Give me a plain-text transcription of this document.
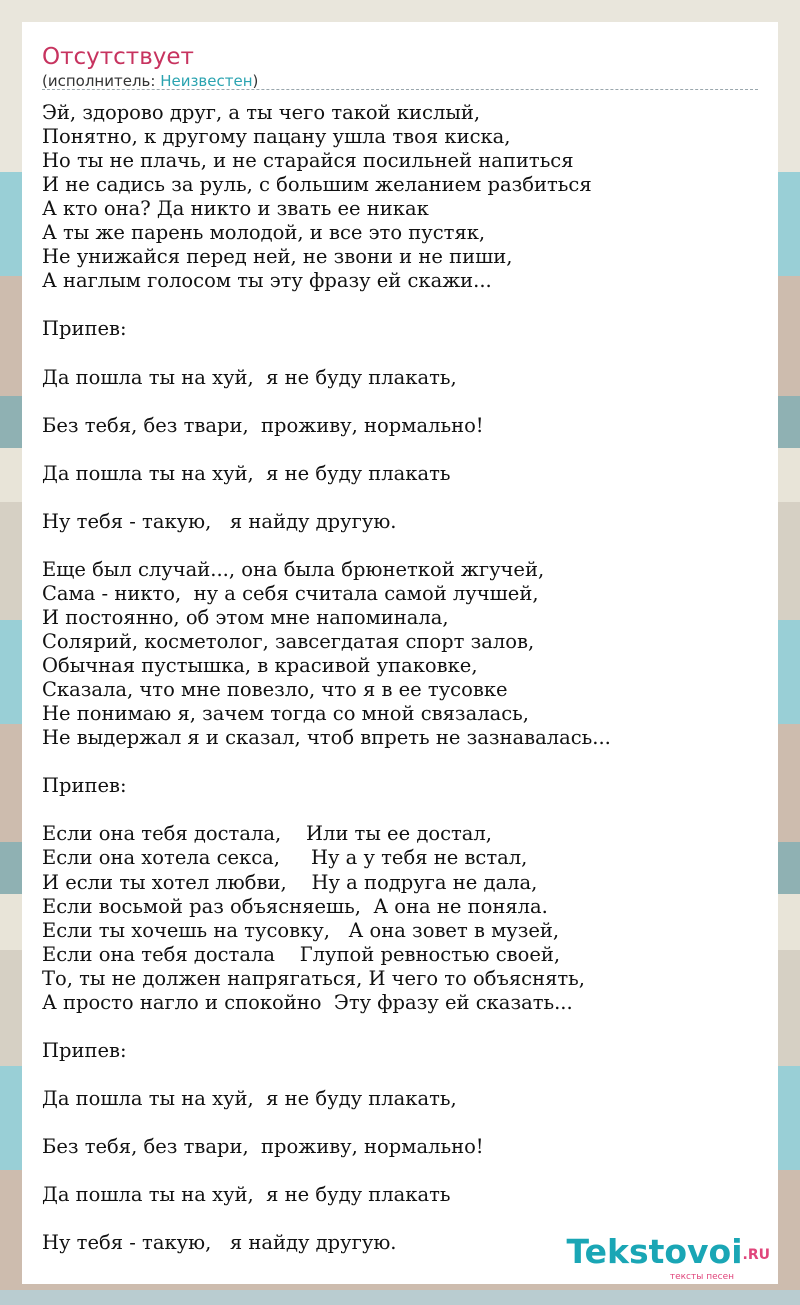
Отсутствует
(исполнитель: Неизвестен)
Эй, здорово друг, а ты чего такой кислый,
Понятно, к другому пацану ушла твоя киска,
Но ты не плачь, и не старайся посильней напиться
И не садись за руль, с большим желанием разбиться
А кто она? Да никто и звать ее никак
А ты же парень молодой, и все это пустяк,
Не унижайся перед ней, не звони и не пиши,
А наглым голосом ты эту фразу ей скажи...
Припев:
Да пошла ты на хуй,  я не буду плакать,
Без тебя, без твари,  проживу, нормально!
Да пошла ты на хуй,  я не буду плакать
Ну тебя - такую,   я найду другую.
Еще был случай..., она была брюнеткой жгучей,
Сама - никто,  ну а себя считала самой лучшей,
И постоянно, об этом мне напоминала,
Солярий, косметолог, завсегдатая спорт залов,
Обычная пустышка, в красивой упаковке,
Сказала, что мне повезло, что я в ее тусовке
Не понимаю я, зачем тогда со мной связалась,
Не выдержал я и сказал, чтоб впреть не зазнавалась...
Припев:
Если она тебя достала,    Или ты ее достал,
Если она хотела секса,     Ну а у тебя не встал,
И если ты хотел любви,    Ну а подруга не дала,
Если восьмой раз объясняешь,  А она не поняла.
Если ты хочешь на тусовку,   А она зовет в музей,
Если она тебя достала    Глупой ревностью своей,
То, ты не должен напрягаться, И чего то объяснять,
А просто нагло и спокойно  Эту фразу ей сказать...
Припев:
Да пошла ты на хуй,  я не буду плакать,
Без тебя, без твари,  проживу, нормально!
Да пошла ты на хуй,  я не буду плакать
Ну тебя - такую,   я найду другую.	Tekstovoi.RU
тексты песен
